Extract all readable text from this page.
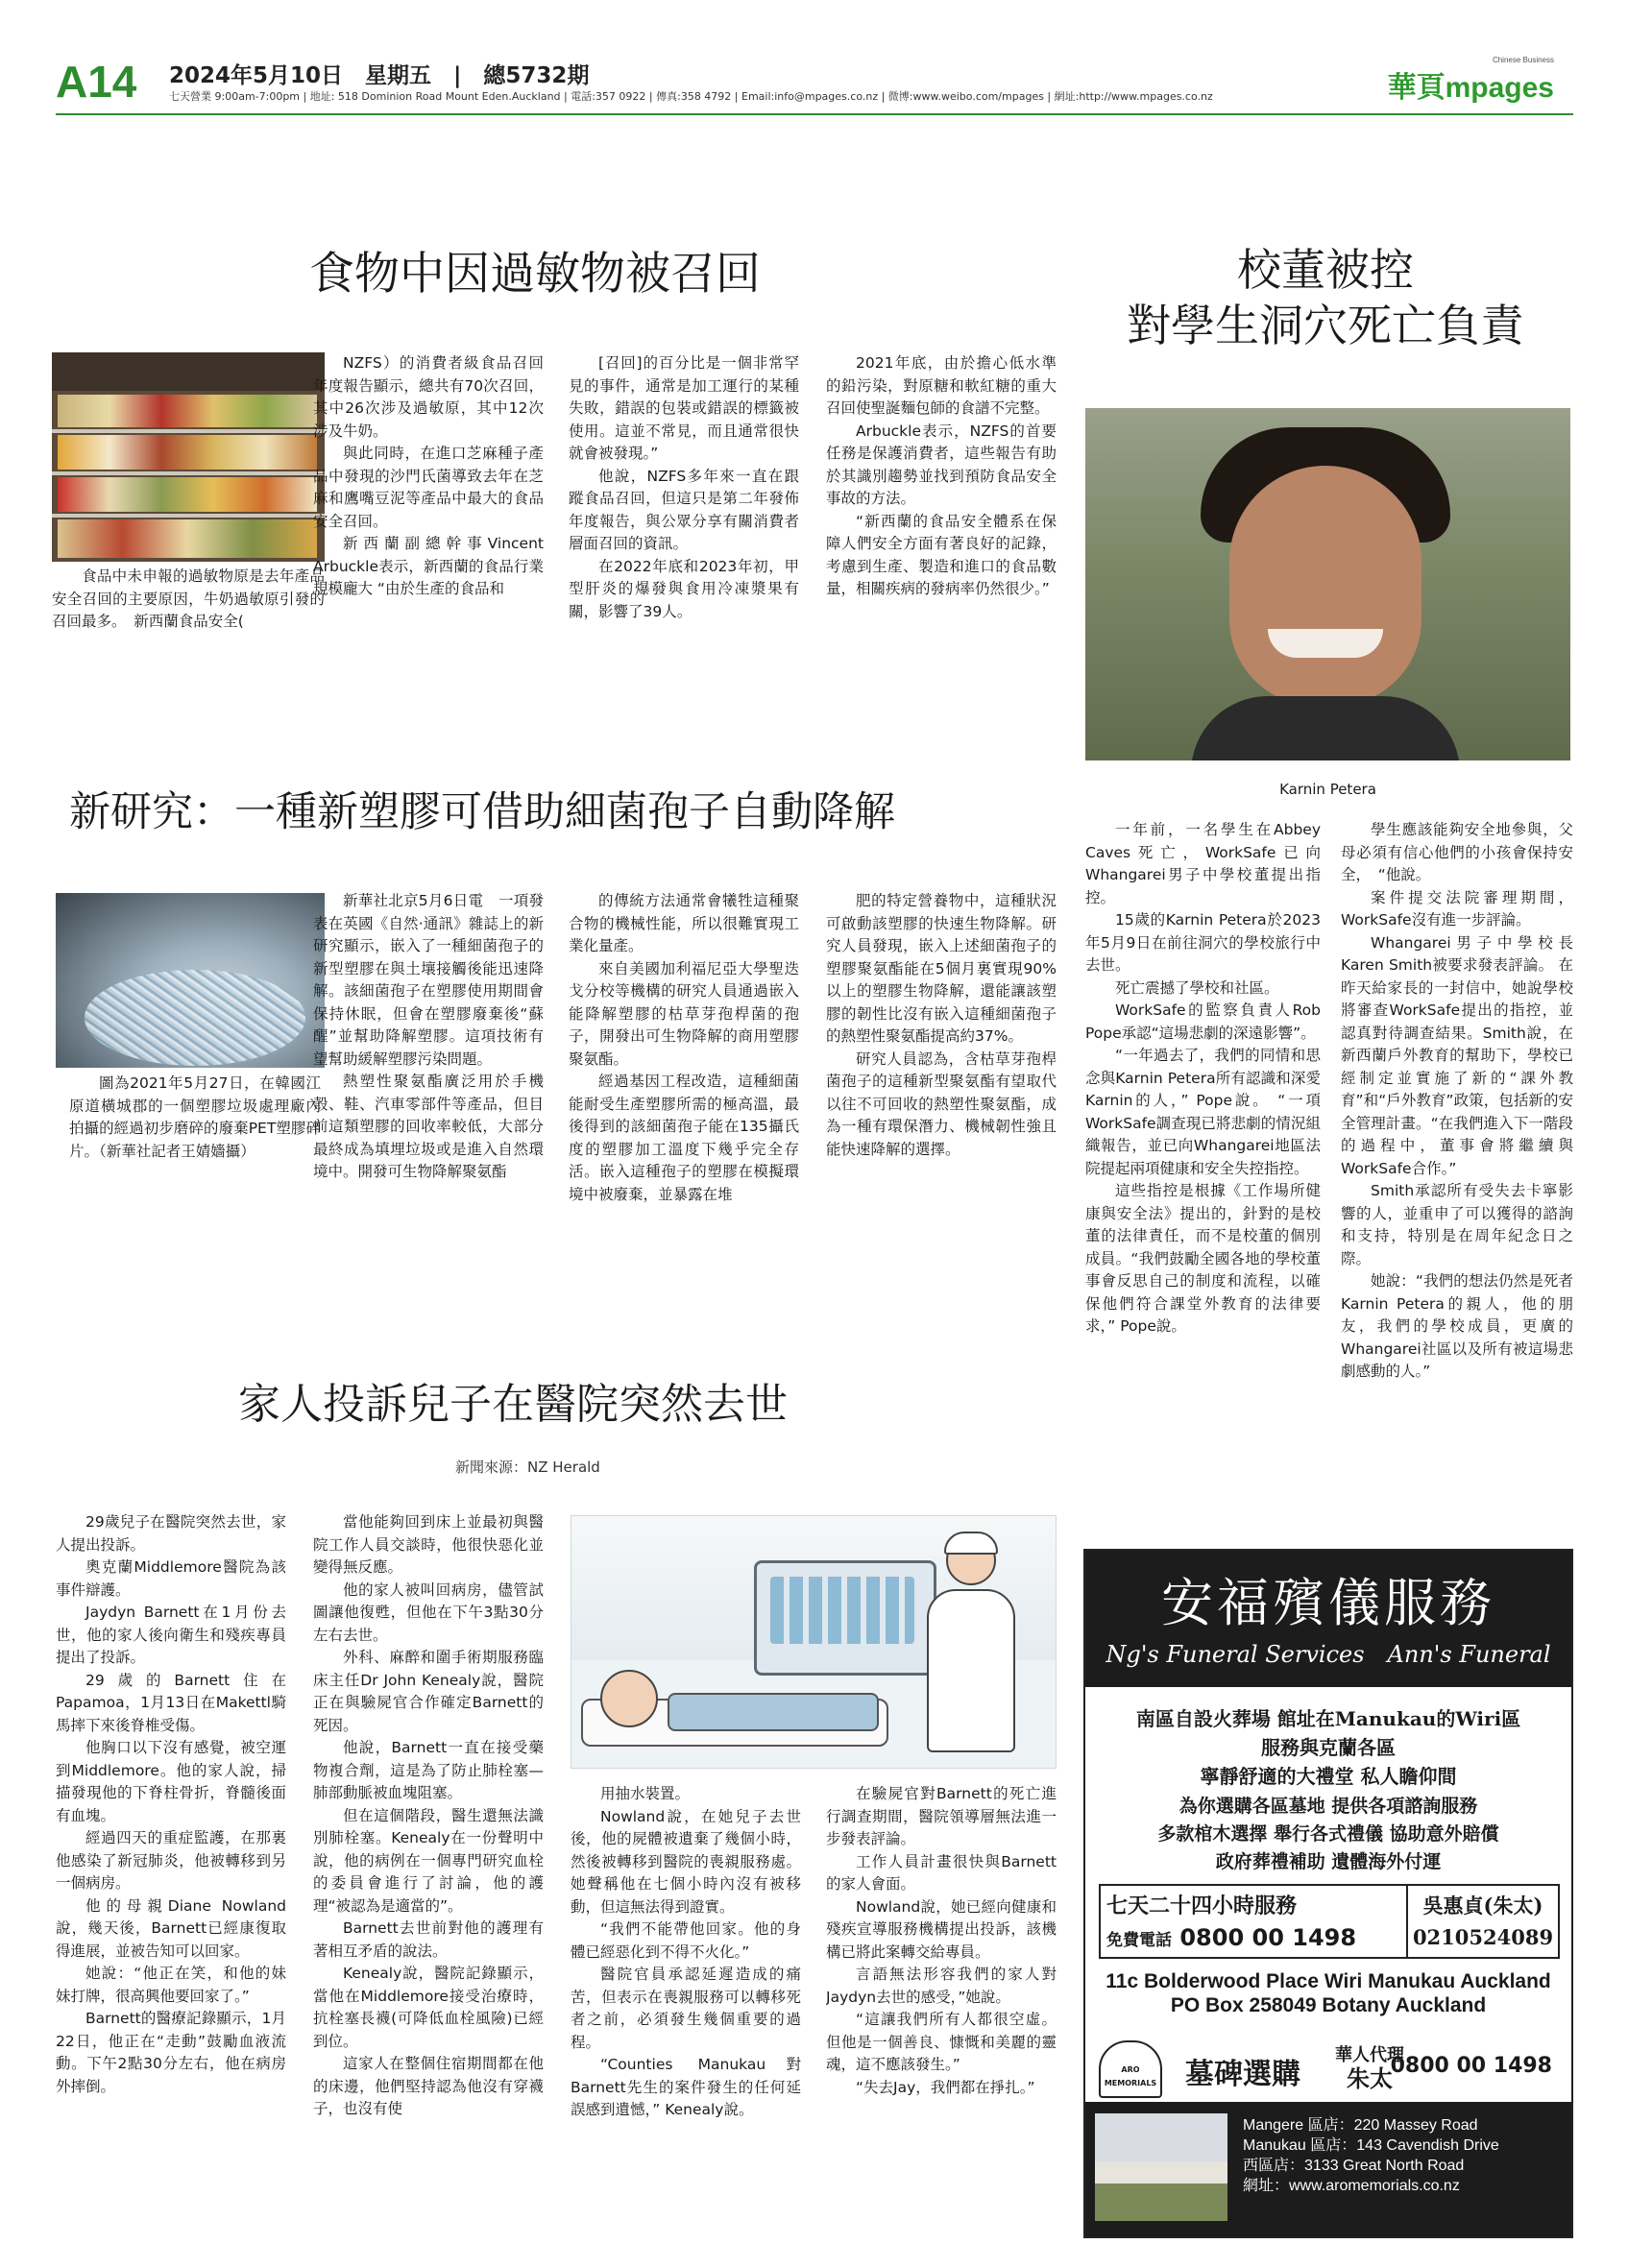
A14 2024年5月10日　星期五　|　總5732期
七天營業 9:00am-7:00pm | 地址: 518 Dominion Road Mount Eden.Auckland | 電話:357 0922 | 傳真:358 4792 | Email:info@mpages.co.nz | 微博:www.weibo.com/mpages | 網址:http://www.mpages.co.nz	華頁mpages
Chinese Business
食物中因過敏物被召回
食品中未申報的過敏物原是去年產品安全召回的主要原因，牛奶過敏原引發的召回最多。　新西蘭食品安全(

NZFS）的消費者級食品召回年度報告顯示，總共有70次召回，其中26次涉及過敏原，其中12次涉及牛奶。

與此同時，在進口芝麻種子產品中發現的沙門氏菌導致去年在芝麻和鷹嘴豆泥等產品中最大的食品安全召回。

新西蘭副總幹事Vincent Arbuckle表示，新西蘭的食品行業規模龐大 “由於生產的食品和

[召回]的百分比是一個非常罕見的事件，通常是加工運行的某種失敗，錯誤的包裝或錯誤的標籤被使用。這並不常見，而且通常很快就會被發現。”

他說，NZFS多年來一直在跟蹤食品召回，但這只是第二年發佈年度報告，與公眾分享有關消費者層面召回的資訊。

在2022年底和2023年初，甲型肝炎的爆發與食用冷凍漿果有關，影響了39人。

2021年底，由於擔心低水準的鉛污染，對原糖和軟紅糖的重大召回使聖誕麵包師的食譜不完整。

Arbuckle表示，NZFS的首要任務是保護消費者，這些報告有助於其識別趨勢並找到預防食品安全事故的方法。

“新西蘭的食品安全體系在保障人們安全方面有著良好的記錄，考慮到生產、製造和進口的食品數量，相關疾病的發病率仍然很少。”

校董被控
對學生洞穴死亡負責
Karnin Petera

一年前，一名學生在Abbey Caves死亡，WorkSafe已向Whangarei男子中學校董提出指控。

15歲的Karnin Petera於2023年5月9日在前往洞穴的學校旅行中去世。

死亡震撼了學校和社區。

WorkSafe的監察負責人Rob Pope承認“這場悲劇的深遠影響”。

“一年過去了，我們的同情和思念與Karnin Petera所有認識和深愛Karnin的人，” Pope說。 “一項WorkSafe調查現已將悲劇的情況組織報告，並已向Whangarei地區法院提起兩項健康和安全失控指控。

這些指控是根據《工作場所健康與安全法》提出的，針對的是校董的法律責任，而不是校董的個別成員。“我們鼓勵全國各地的學校董事會反思自己的制度和流程，以確保他們符合課堂外教育的法律要求，” Pope說。

學生應該能夠安全地參與，父母必須有信心他們的小孩會保持安全，　“他說。

案件提交法院審理期間，WorkSafe沒有進一步評論。

Whangarei男子中學校長Karen Smith被要求發表評論。 在昨天給家長的一封信中，她說學校將審查WorkSafe提出的指控，並認真對待調查結果。Smith說，在新西蘭戶外教育的幫助下，學校已經制定並實施了新的“課外教育”和“戶外教育”政策，包括新的安全管理計畫。“在我們進入下一階段的過程中，董事會將繼續與WorkSafe合作。”

Smith承認所有受失去卡寧影響的人，並重申了可以獲得的諮詢和支持，特別是在周年紀念日之際。

她說：“我們的想法仍然是死者Karnin Petera的親人，他的朋友，我們的學校成員，更廣的Whangarei社區以及所有被這場悲劇感動的人。”

新研究：一種新塑膠可借助細菌孢子自動降解
圖為2021年5月27日，在韓國江原道橫城郡的一個塑膠垃圾處理廠內拍攝的經過初步磨碎的廢棄PET塑膠碎片。（新華社記者王婧嬙攝）

新華社北京5月6日電　一項發表在英國《自然·通訊》雜誌上的新研究顯示，嵌入了一種細菌孢子的新型塑膠在與土壤接觸後能迅速降解。該細菌孢子在塑膠使用期間會保持休眠，但會在塑膠廢棄後“蘇醒”並幫助降解塑膠。這項技術有望幫助緩解塑膠污染問題。

熱塑性聚氨酯廣泛用於手機殼、鞋、汽車零部件等產品，但目前這類塑膠的回收率較低，大部分最終成為填埋垃圾或是進入自然環境中。開發可生物降解聚氨酯

的傳統方法通常會犧牲這種聚合物的機械性能，所以很難實現工業化量產。

來自美國加利福尼亞大學聖迭戈分校等機構的研究人員通過嵌入能降解塑膠的枯草芽孢桿菌的孢子，開發出可生物降解的商用塑膠聚氨酯。

經過基因工程改造，這種細菌能耐受生產塑膠所需的極高溫，最後得到的該細菌孢子能在135攝氏度的塑膠加工溫度下幾乎完全存活。嵌入這種孢子的塑膠在模擬環境中被廢棄，並暴露在堆

肥的特定營養物中，這種狀況可啟動該塑膠的快速生物降解。研究人員發現，嵌入上述細菌孢子的塑膠聚氨酯能在5個月裏實現90%以上的塑膠生物降解，還能讓該塑膠的韌性比沒有嵌入這種細菌孢子的熱塑性聚氨酯提高約37%。

研究人員認為，含枯草芽孢桿菌孢子的這種新型聚氨酯有望取代以往不可回收的熱塑性聚氨酯，成為一種有環保潛力、機械韌性強且能快速降解的選擇。

家人投訴兒子在醫院突然去世
新聞來源：NZ Herald

29歲兒子在醫院突然去世，家人提出投訴。

奧克蘭Middlemore醫院為該事件辯護。

Jaydyn Barnett在1月份去世，他的家人後向衛生和殘疾專員提出了投訴。

29歲的Barnett住在Papamoa，1月13日在Makettl騎馬摔下來後脊椎受傷。

他胸口以下沒有感覺，被空運到Middlemore。他的家人說，掃描發現他的下脊柱骨折，脊髓後面有血塊。

經過四天的重症監護，在那裏他感染了新冠肺炎，他被轉移到另一個病房。

他的母親Diane Nowland說，幾天後，Barnett已經康復取得進展，並被告知可以回家。

她說：“他正在笑，和他的妹妹打牌，很高興他要回家了。”

Barnett的醫療記錄顯示，1月22日，他正在“走動”鼓勵血液流動。下午2點30分左右，他在病房外摔倒。

當他能夠回到床上並最初與醫院工作人員交談時，他很快惡化並變得無反應。

他的家人被叫回病房，儘管試圖讓他復甦，但他在下午3點30分左右去世。

外科、麻醉和圍手術期服務臨床主任Dr John Kenealy說，醫院正在與驗屍官合作確定Barnett的死因。

他說，Barnett一直在接受藥物複合劑，這是為了防止肺栓塞—肺部動脈被血塊阻塞。

但在這個階段，醫生還無法識別肺栓塞。Kenealy在一份聲明中說，他的病例在一個專門研究血栓的委員會進行了討論，他的護理“被認為是適當的”。

Barnett去世前對他的護理有著相互矛盾的說法。

Kenealy說，醫院記錄顯示，當他在Middlemore接受治療時，抗栓塞長襪(可降低血栓風險)已經到位。

這家人在整個住宿期間都在他的床邊，他們堅持認為他沒有穿襪子，也沒有使

用抽水裝置。

Nowland說，在她兒子去世後，他的屍體被遺棄了幾個小時，然後被轉移到醫院的喪親服務處。她聲稱他在七個小時內沒有被移動，但這無法得到證實。

“我們不能帶他回家。他的身體已經惡化到不得不火化。”

醫院官員承認延遲造成的痛苦，但表示在喪親服務可以轉移死者之前，必須發生幾個重要的過程。

“Counties Manukau對Barnett先生的案件發生的任何延誤感到遺憾，” Kenealy說。

在驗屍官對Barnett的死亡進行調查期間，醫院領導層無法進一步發表評論。

工作人員計畫很快與Barnett的家人會面。

Nowland說，她已經向健康和殘疾宣導服務機構提出投訴，該機構已將此案轉交給專員。

言語無法形容我們的家人對Jaydyn去世的感受，”她說。

“這讓我們所有人都很空虛。但他是一個善良、慷慨和美麗的靈魂，這不應該發生。”

“失去Jay，我們都在掙扎。”

安福殯儀服務
Ng's Funeral Services　Ann's Funeral
南區自設火葬場 館址在Manukau的Wiri區
服務與克蘭各區
寧靜舒適的大禮堂 私人瞻仰間
為你選購各區墓地 提供各項諮詢服務
多款棺木選擇 舉行各式禮儀 協助意外賠償
政府葬禮補助 遺體海外付運
七天二十四小時服務
免費電話 0800 00 1498
吳惠貞(朱太)
0210524089
11c Bolderwood Place Wiri Manukau Auckland
PO Box 258049 Botany Auckland
ARO MEMORIALS 墓碑選購
華人代理
朱太
0800 00 1498
Mangere 區店：220 Massey Road
Manukau 區店：143 Cavendish Drive
西區店：3133 Great North Road
網址：www.aromemorials.co.nz
